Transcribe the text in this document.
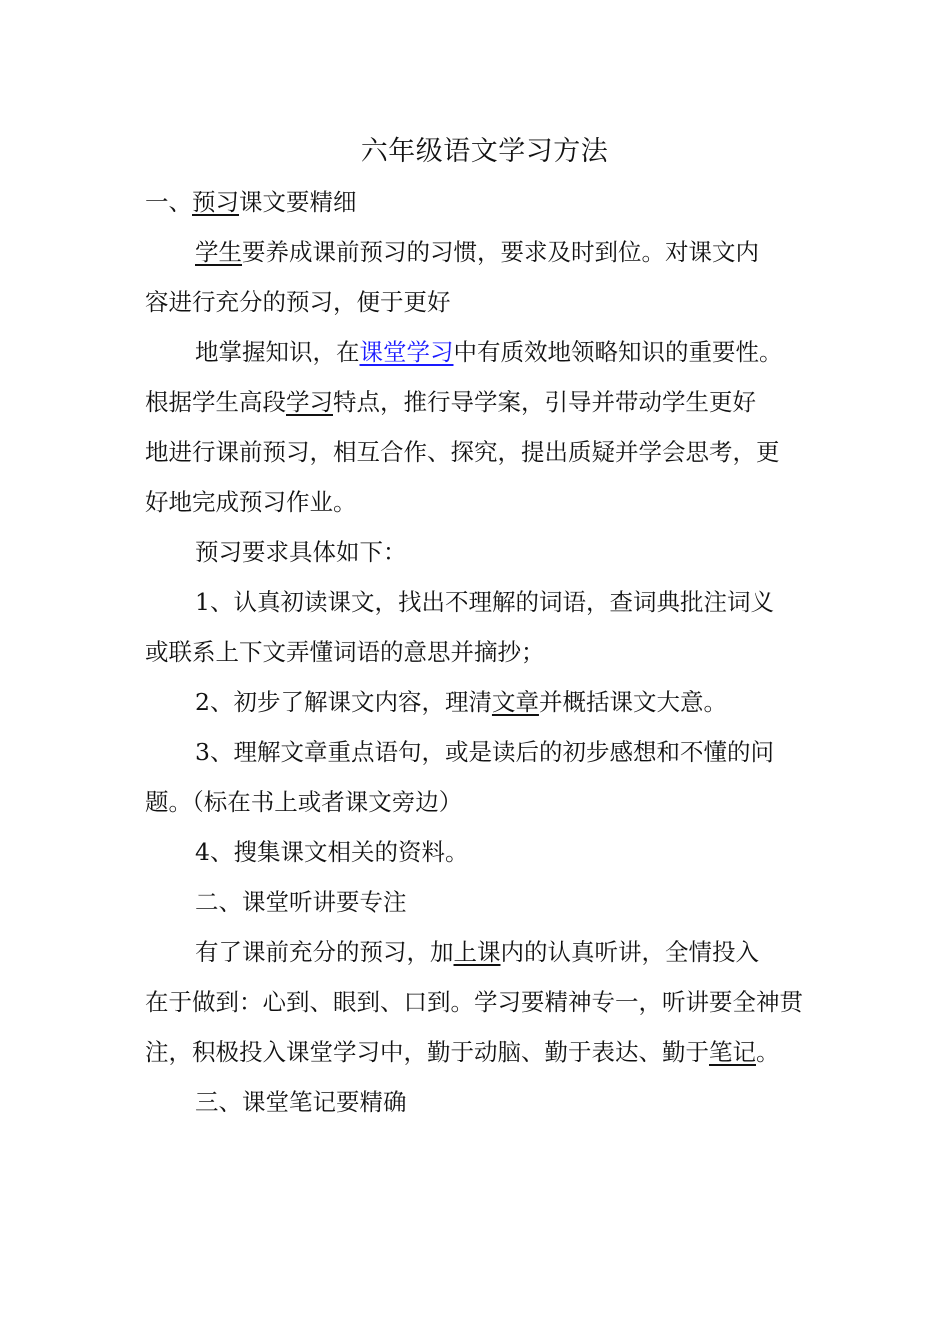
六年级语文学习方法
一、预习课文要精细
学生要养成课前预习的习惯，要求及时到位。对课文内
容进行充分的预习，便于更好
地掌握知识，在课堂学习中有质效地领略知识的重要性。
根据学生高段学习特点，推行导学案，引导并带动学生更好
地进行课前预习，相互合作、探究，提出质疑并学会思考，更
好地完成预习作业。
预习要求具体如下：
1、认真初读课文，找出不理解的词语，查词典批注词义
或联系上下文弄懂词语的意思并摘抄；
2、初步了解课文内容，理清文章并概括课文大意。
3、理解文章重点语句，或是读后的初步感想和不懂的问
题。（标在书上或者课文旁边）
4、搜集课文相关的资料。
二、课堂听讲要专注
有了课前充分的预习，加上课内的认真听讲，全情投入
在于做到：心到、眼到、口到。学习要精神专一，听讲要全神贯
注，积极投入课堂学习中，勤于动脑、勤于表达、勤于笔记。
三、课堂笔记要精确
